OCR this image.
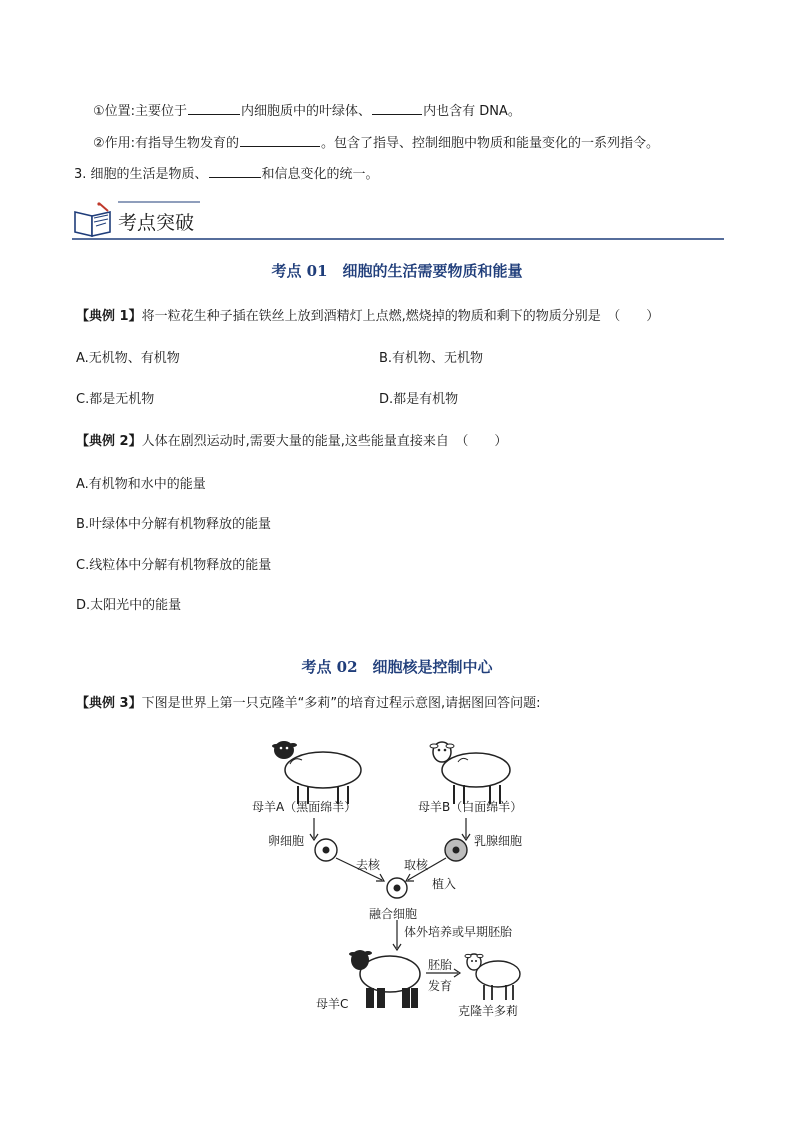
①位置:主要位于	内细胞质中的叶绿体、	内也含有 DNA。
②作用:有指导生物发育的	。包含了指导、控制细胞中物质和能量变化的一系列指令。
3. 细胞的生活是物质、	和信息变化的统一。
考点突破
考点 01　细胞的生活需要物质和能量
【典例 1】将一粒花生种子插在铁丝上放到酒精灯上点燃,燃烧掉的物质和剩下的物质分别是　（　　）
A.无机物、有机物	B.有机物、无机物
C.都是无机物	D.都是有机物
【典例 2】人体在剧烈运动时,需要大量的能量,这些能量直接来自　（　　）
A.有机物和水中的能量
B.叶绿体中分解有机物释放的能量
C.线粒体中分解有机物释放的能量
D.太阳光中的能量
考点 02　细胞核是控制中心
【典例 3】下图是世界上第一只克隆羊“多莉”的培育过程示意图,请据图回答问题:
母羊A（黑面绵羊）	母羊B（白面绵羊）
卵细胞	乳腺细胞
去核 取核
植入
融合细胞
体外培养或早期胚胎
胚胎
发育
母羊C	克隆羊多莉
